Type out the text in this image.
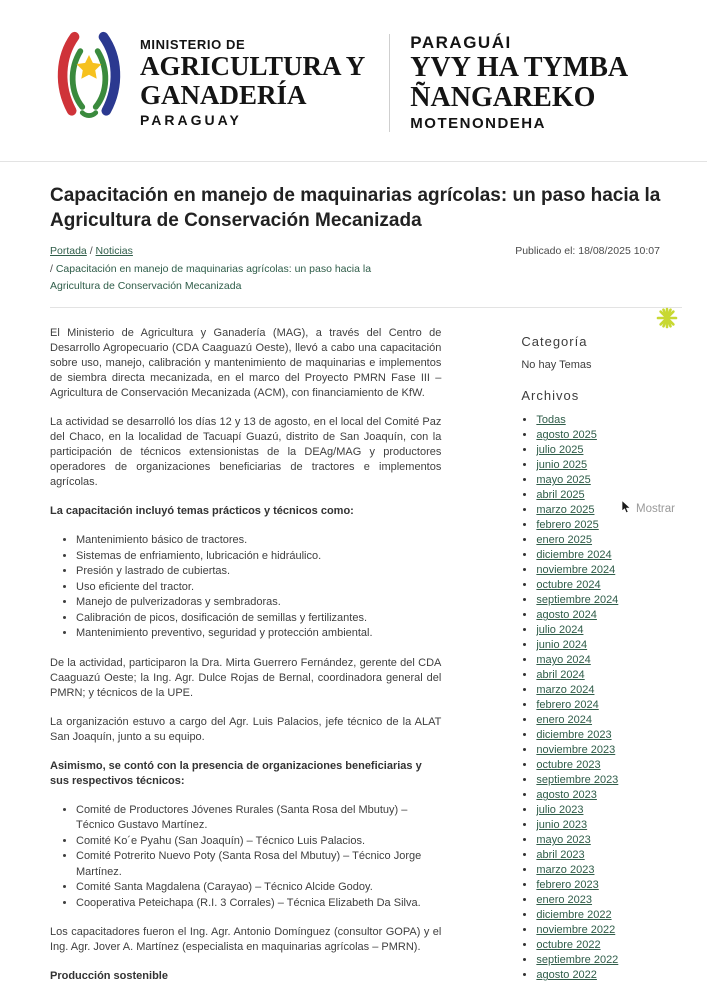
MINISTERIO DE
AGRICULTURA Y
GANADERÍA
PARAGUAY
PARAGUÁI
YVY HA TYMBA
ÑANGAREKO
MOTENONDEHA
Capacitación en manejo de maquinarias agrícolas: un paso hacia la Agricultura de Conservación Mecanizada
Portada / Noticias / Capacitación en manejo de maquinarias agrícolas: un paso hacia la Agricultura de Conservación Mecanizada
Publicado el: 18/08/2025 10:07

El Ministerio de Agricultura y Ganadería (MAG), a través del Centro de Desarrollo Agropecuario (CDA Caaguazú Oeste), llevó a cabo una capacitación sobre uso, manejo, calibración y mantenimiento de maquinarias e implementos de siembra directa mecanizada, en el marco del Proyecto PMRN Fase III – Agricultura de Conservación Mecanizada (ACM), con financiamiento de KfW.

La actividad se desarrolló los días 12 y 13 de agosto, en el local del Comité Paz del Chaco, en la localidad de Tacuapí Guazú, distrito de San Joaquín, con la participación de técnicos extensionistas de la DEAg/MAG y productores operadores de organizaciones beneficiarias de tractores e implementos agrícolas.

La capacitación incluyó temas prácticos y técnicos como:

• Mantenimiento básico de tractores.
• Sistemas de enfriamiento, lubricación e hidráulico.
• Presión y lastrado de cubiertas.
• Uso eficiente del tractor.
• Manejo de pulverizadoras y sembradoras.
• Calibración de picos, dosificación de semillas y fertilizantes.
• Mantenimiento preventivo, seguridad y protección ambiental.

De la actividad, participaron la Dra. Mirta Guerrero Fernández, gerente del CDA Caaguazú Oeste; la Ing. Agr. Dulce Rojas de Bernal, coordinadora general del PMRN; y técnicos de la UPE.

La organización estuvo a cargo del Agr. Luis Palacios, jefe técnico de la ALAT San Joaquín, junto a su equipo.

Asimismo, se contó con la presencia de organizaciones beneficiarias y sus respectivos técnicos:

• Comité de Productores Jóvenes Rurales (Santa Rosa del Mbutuy) – Técnico Gustavo Martínez.
• Comité Ko´e Pyahu (San Joaquín) – Técnico Luis Palacios.
• Comité Potrerito Nuevo Poty (Santa Rosa del Mbutuy) – Técnico Jorge Martínez.
• Comité Santa Magdalena (Carayao) – Técnico Alcide Godoy.
• Cooperativa Peteichapa (R.I. 3 Corrales) – Técnica Elizabeth Da Silva.

Los capacitadores fueron el Ing. Agr. Antonio Domínguez (consultor GOPA) y el Ing. Agr. Jover A. Martínez (especialista en maquinarias agrícolas – PMRN).

Producción sostenible

Categoría
No hay Temas
Archivos
• Todas
• agosto 2025
• julio 2025
• junio 2025
• mayo 2025
• abril 2025
• marzo 2025
• febrero 2025
• enero 2025
• diciembre 2024
• noviembre 2024
• octubre 2024
• septiembre 2024
• agosto 2024
• julio 2024
• junio 2024
• mayo 2024
• abril 2024
• marzo 2024
• febrero 2024
• enero 2024
• diciembre 2023
• noviembre 2023
• octubre 2023
• septiembre 2023
• agosto 2023
• julio 2023
• junio 2023
• mayo 2023
• abril 2023
• marzo 2023
• febrero 2023
• enero 2023
• diciembre 2022
• noviembre 2022
• octubre 2022
• septiembre 2022
• agosto 2022
Mostrar
